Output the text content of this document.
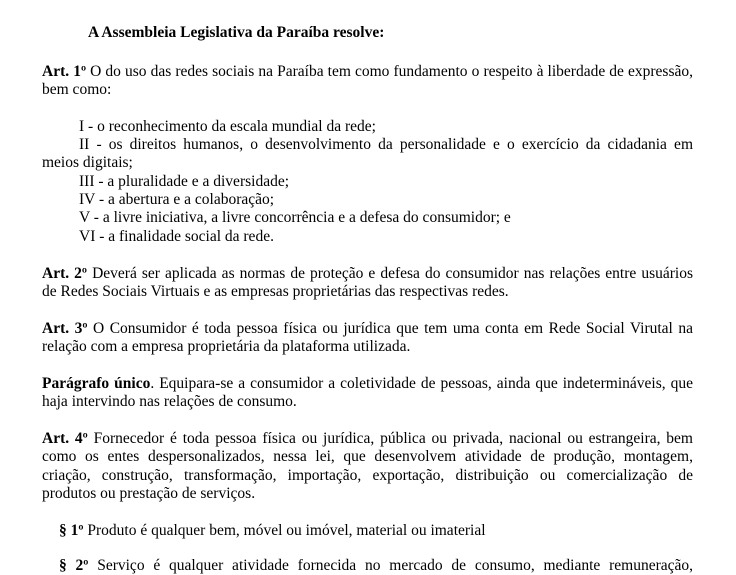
A Assembleia Legislativa da Paraíba resolve:
Art. 1º O do uso das redes sociais na Paraíba tem como fundamento o respeito à liberdade de expressão,
bem como:
I - o reconhecimento da escala mundial da rede;
II - os direitos humanos, o desenvolvimento da personalidade e o exercício da cidadania em
meios digitais;
III - a pluralidade e a diversidade;
IV - a abertura e a colaboração;
V - a livre iniciativa, a livre concorrência e a defesa do consumidor; e
VI - a finalidade social da rede.
Art. 2º Deverá ser aplicada as normas de proteção e defesa do consumidor nas relações entre usuários
de Redes Sociais Virtuais e as empresas proprietárias das respectivas redes.
Art. 3º O Consumidor é toda pessoa física ou jurídica que tem uma conta em Rede Social Virutal na
relação com a empresa proprietária da plataforma utilizada.
Parágrafo único. Equipara-se a consumidor a coletividade de pessoas, ainda que indetermináveis, que
haja intervindo nas relações de consumo.
Art. 4º Fornecedor é toda pessoa física ou jurídica, pública ou privada, nacional ou estrangeira, bem
como os entes despersonalizados, nessa lei, que desenvolvem atividade de produção, montagem,
criação, construção, transformação, importação, exportação, distribuição ou comercialização de
produtos ou prestação de serviços.
§ 1º Produto é qualquer bem, móvel ou imóvel, material ou imaterial
§ 2º Serviço é qualquer atividade fornecida no mercado de consumo, mediante remuneração,
